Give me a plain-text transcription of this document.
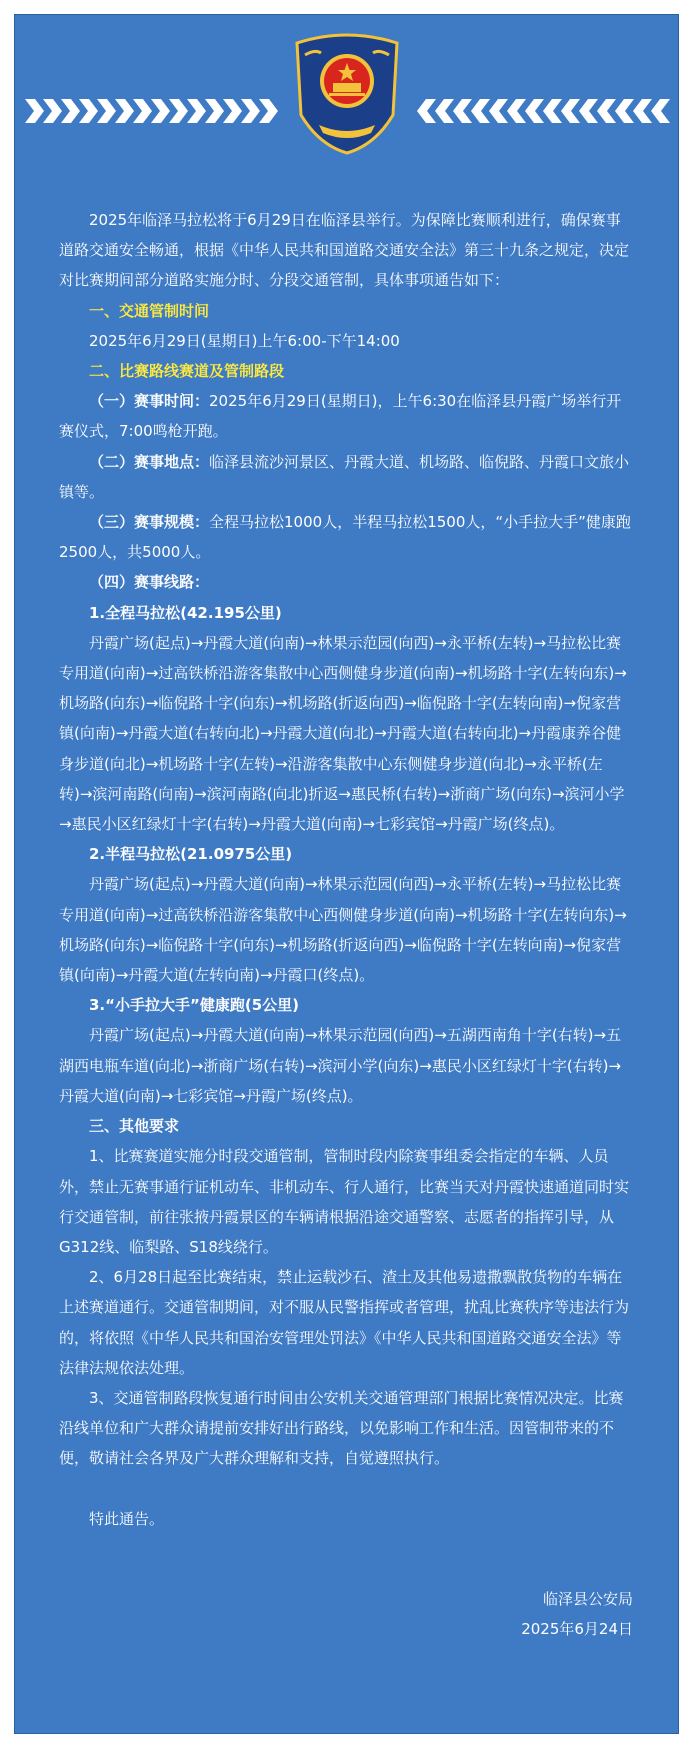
2025年临泽马拉松将于6月29日在临泽县举行。为保障比赛顺利进行，确保赛事道路交通安全畅通，根据《中华人民共和国道路交通安全法》第三十九条之规定，决定对比赛期间部分道路实施分时、分段交通管制，具体事项通告如下：

一、交通管制时间

2025年6月29日(星期日)上午6:00-下午14:00

二、比赛路线赛道及管制路段

（一）赛事时间：2025年6月29日(星期日)，上午6:30在临泽县丹霞广场举行开赛仪式，7:00鸣枪开跑。

（二）赛事地点：临泽县流沙河景区、丹霞大道、机场路、临倪路、丹霞口文旅小镇等。

（三）赛事规模：全程马拉松1000人，半程马拉松1500人，“小手拉大手”健康跑2500人，共5000人。

（四）赛事线路：

1.全程马拉松(42.195公里)

丹霞广场(起点)→丹霞大道(向南)→林果示范园(向西)→永平桥(左转)→马拉松比赛专用道(向南)→过高铁桥沿游客集散中心西侧健身步道(向南)→机场路十字(左转向东)→机场路(向东)→临倪路十字(向东)→机场路(折返向西)→临倪路十字(左转向南)→倪家营镇(向南)→丹霞大道(右转向北)→丹霞大道(向北)→丹霞大道(右转向北)→丹霞康养谷健身步道(向北)→机场路十字(左转)→沿游客集散中心东侧健身步道(向北)→永平桥(左转)→滨河南路(向南)→滨河南路(向北)折返→惠民桥(右转)→浙商广场(向东)→滨河小学→惠民小区红绿灯十字(右转)→丹霞大道(向南)→七彩宾馆→丹霞广场(终点)。

2.半程马拉松(21.0975公里)

丹霞广场(起点)→丹霞大道(向南)→林果示范园(向西)→永平桥(左转)→马拉松比赛专用道(向南)→过高铁桥沿游客集散中心西侧健身步道(向南)→机场路十字(左转向东)→机场路(向东)→临倪路十字(向东)→机场路(折返向西)→临倪路十字(左转向南)→倪家营镇(向南)→丹霞大道(左转向南)→丹霞口(终点)。

3.“小手拉大手”健康跑(5公里)

丹霞广场(起点)→丹霞大道(向南)→林果示范园(向西)→五湖西南角十字(右转)→五湖西电瓶车道(向北)→浙商广场(右转)→滨河小学(向东)→惠民小区红绿灯十字(右转)→丹霞大道(向南)→七彩宾馆→丹霞广场(终点)。

三、其他要求

1、比赛赛道实施分时段交通管制，管制时段内除赛事组委会指定的车辆、人员外，禁止无赛事通行证机动车、非机动车、行人通行，比赛当天对丹霞快速通道同时实行交通管制，前往张掖丹霞景区的车辆请根据沿途交通警察、志愿者的指挥引导，从G312线、临梨路、S18线绕行。

2、6月28日起至比赛结束，禁止运载沙石、渣土及其他易遗撒飘散货物的车辆在上述赛道通行。交通管制期间，对不服从民警指挥或者管理，扰乱比赛秩序等违法行为的，将依照《中华人民共和国治安管理处罚法》《中华人民共和国道路交通安全法》等法律法规依法处理。

3、交通管制路段恢复通行时间由公安机关交通管理部门根据比赛情况决定。比赛沿线单位和广大群众请提前安排好出行路线，以免影响工作和生活。因管制带来的不便，敬请社会各界及广大群众理解和支持，自觉遵照执行。

特此通告。

临泽县公安局

2025年6月24日
